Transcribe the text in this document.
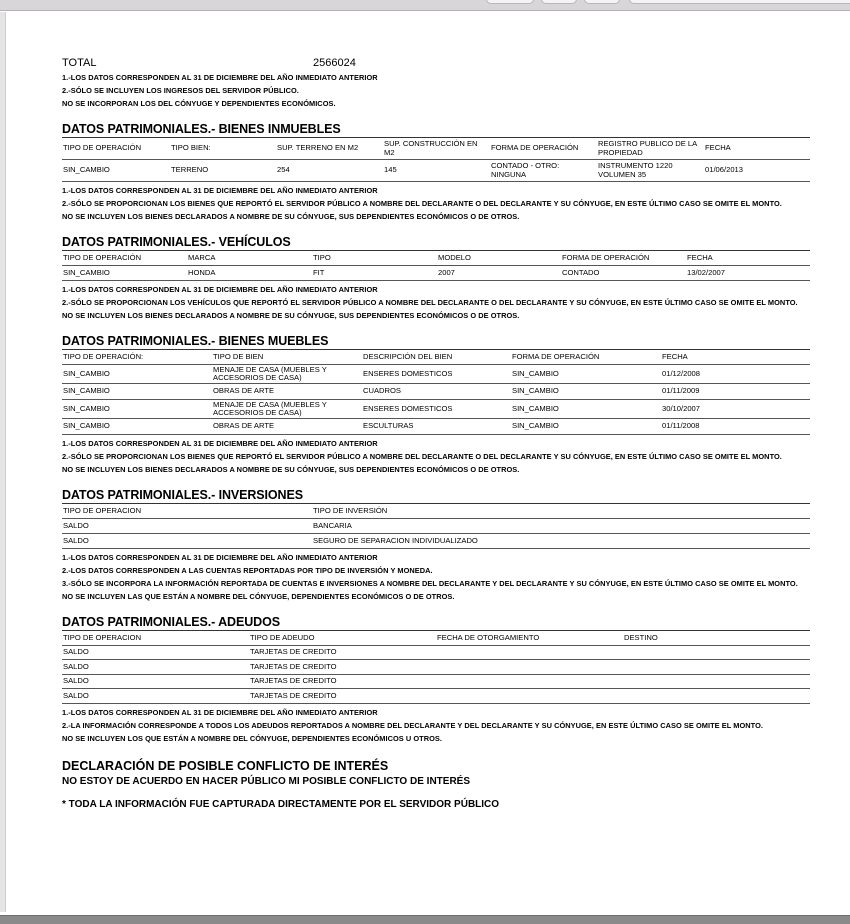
TOTAL	2566024
1.-LOS DATOS CORRESPONDEN AL 31 DE DICIEMBRE DEL AÑO INMEDIATO ANTERIOR
2.-SÓLO SE INCLUYEN LOS INGRESOS DEL SERVIDOR PÚBLICO.
NO SE INCORPORAN LOS DEL CÓNYUGE Y DEPENDIENTES ECONÓMICOS.
DATOS PATRIMONIALES.- BIENES INMUEBLES
TIPO DE OPERACIÓN	TIPO BIEN:	SUP. TERRENO EN M2	SUP. CONSTRUCCIÓN EN M2	FORMA DE OPERACIÓN	REGISTRO PUBLICO DE LA PROPIEDAD	FECHA
SIN_CAMBIO	TERRENO	254	145	CONTADO - OTRO: NINGUNA	INSTRUMENTO 1220 VOLUMEN 35	01/06/2013
1.-LOS DATOS CORRESPONDEN AL 31 DE DICIEMBRE DEL AÑO INMEDIATO ANTERIOR
2.-SÓLO SE PROPORCIONAN LOS BIENES QUE REPORTÓ EL SERVIDOR PÚBLICO A NOMBRE DEL DECLARANTE O DEL DECLARANTE Y SU CÓNYUGE, EN ESTE ÚLTIMO CASO SE OMITE EL MONTO.
NO SE INCLUYEN LOS BIENES DECLARADOS A NOMBRE DE SU CÓNYUGE, SUS DEPENDIENTES ECONÓMICOS O DE OTROS.
DATOS PATRIMONIALES.- VEHÍCULOS
TIPO DE OPERACIÓN	MARCA	TIPO	MODELO	FORMA DE OPERACIÓN	FECHA
SIN_CAMBIO	HONDA	FIT	2007	CONTADO	13/02/2007
1.-LOS DATOS CORRESPONDEN AL 31 DE DICIEMBRE DEL AÑO INMEDIATO ANTERIOR
2.-SÓLO SE PROPORCIONAN LOS VEHÍCULOS QUE REPORTÓ EL SERVIDOR PÚBLICO A NOMBRE DEL DECLARANTE O DEL DECLARANTE Y SU CÓNYUGE, EN ESTE ÚLTIMO CASO SE OMITE EL MONTO.
NO SE INCLUYEN LOS BIENES DECLARADOS A NOMBRE DE SU CÓNYUGE, SUS DEPENDIENTES ECONÓMICOS O DE OTROS.
DATOS PATRIMONIALES.- BIENES MUEBLES
TIPO DE OPERACIÓN:	TIPO DE BIEN	DESCRIPCIÓN DEL BIEN	FORMA DE OPERACIÓN	FECHA
SIN_CAMBIO	MENAJE DE CASA (MUEBLES Y ACCESORIOS DE CASA)	ENSERES DOMESTICOS	SIN_CAMBIO	01/12/2008
SIN_CAMBIO	OBRAS DE ARTE	CUADROS	SIN_CAMBIO	01/11/2009
SIN_CAMBIO	MENAJE DE CASA (MUEBLES Y ACCESORIOS DE CASA)	ENSERES DOMESTICOS	SIN_CAMBIO	30/10/2007
SIN_CAMBIO	OBRAS DE ARTE	ESCULTURAS	SIN_CAMBIO	01/11/2008
1.-LOS DATOS CORRESPONDEN AL 31 DE DICIEMBRE DEL AÑO INMEDIATO ANTERIOR
2.-SÓLO SE PROPORCIONAN LOS BIENES QUE REPORTÓ EL SERVIDOR PÚBLICO A NOMBRE DEL DECLARANTE O DEL DECLARANTE Y SU CÓNYUGE, EN ESTE ÚLTIMO CASO SE OMITE EL MONTO.
NO SE INCLUYEN LOS BIENES DECLARADOS A NOMBRE DE SU CÓNYUGE, SUS DEPENDIENTES ECONÓMICOS O DE OTROS.
DATOS PATRIMONIALES.- INVERSIONES
TIPO DE OPERACION	TIPO DE INVERSIÓN
SALDO	BANCARIA
SALDO	SEGURO DE SEPARACION INDIVIDUALIZADO
1.-LOS DATOS CORRESPONDEN AL 31 DE DICIEMBRE DEL AÑO INMEDIATO ANTERIOR
2.-LOS DATOS CORRESPONDEN A LAS CUENTAS REPORTADAS POR TIPO DE INVERSIÓN Y MONEDA.
3.-SÓLO SE INCORPORA LA INFORMACIÓN REPORTADA DE CUENTAS E INVERSIONES A NOMBRE DEL DECLARANTE Y DEL DECLARANTE Y SU CÓNYUGE, EN ESTE ÚLTIMO CASO SE OMITE EL MONTO.
NO SE INCLUYEN LAS QUE ESTÁN A NOMBRE DEL CÓNYUGE, DEPENDIENTES ECONÓMICOS O DE OTROS.
DATOS PATRIMONIALES.- ADEUDOS
TIPO DE OPERACION	TIPO DE ADEUDO	FECHA DE OTORGAMIENTO	DESTINO
SALDO	TARJETAS DE CREDITO		
SALDO	TARJETAS DE CREDITO		
SALDO	TARJETAS DE CREDITO		
SALDO	TARJETAS DE CREDITO		
1.-LOS DATOS CORRESPONDEN AL 31 DE DICIEMBRE DEL AÑO INMEDIATO ANTERIOR
2.-LA INFORMACIÓN CORRESPONDE A TODOS LOS ADEUDOS REPORTADOS A NOMBRE DEL DECLARANTE Y DEL DECLARANTE Y SU CÓNYUGE, EN ESTE ÚLTIMO CASO SE OMITE EL MONTO.
NO SE INCLUYEN LOS QUE ESTÁN A NOMBRE DEL CÓNYUGE, DEPENDIENTES ECONÓMICOS U OTROS.
DECLARACIÓN DE POSIBLE CONFLICTO DE INTERÉS
NO ESTOY DE ACUERDO EN HACER PÚBLICO MI POSIBLE CONFLICTO DE INTERÉS
* TODA LA INFORMACIÓN FUE CAPTURADA DIRECTAMENTE POR EL SERVIDOR PÚBLICO
